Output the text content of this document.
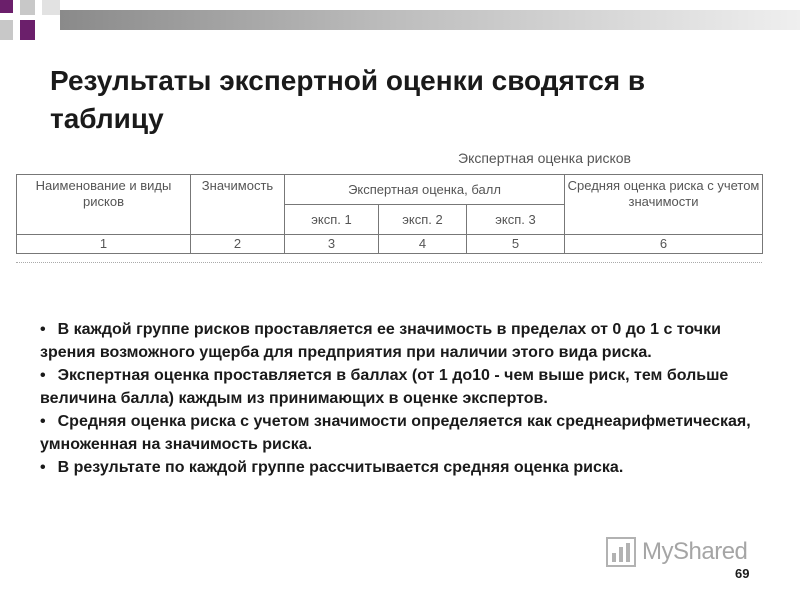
Результаты экспертной оценки сводятся в таблицу
Экспертная оценка рисков
Наименование и виды рисков	Значимость	Экспертная оценка, балл			Средняя оценка риска с учетом значимости
		эксп. 1	эксп. 2	эксп. 3	
1	2	3	4	5	6

• В каждой группе рисков проставляется ее значимость в пределах от 0 до 1 с точки зрения возможного ущерба для предприятия при наличии этого вида риска.

• Экспертная оценка проставляется в баллах (от 1 до10 - чем выше риск, тем больше величина балла) каждым из принимающих в оценке экспертов.

• Средняя оценка риска с учетом значимости определяется как среднеарифметическая, умноженная на значимость риска.

• В результате по каждой группе рассчитывается средняя оценка риска.

MyShared
69
